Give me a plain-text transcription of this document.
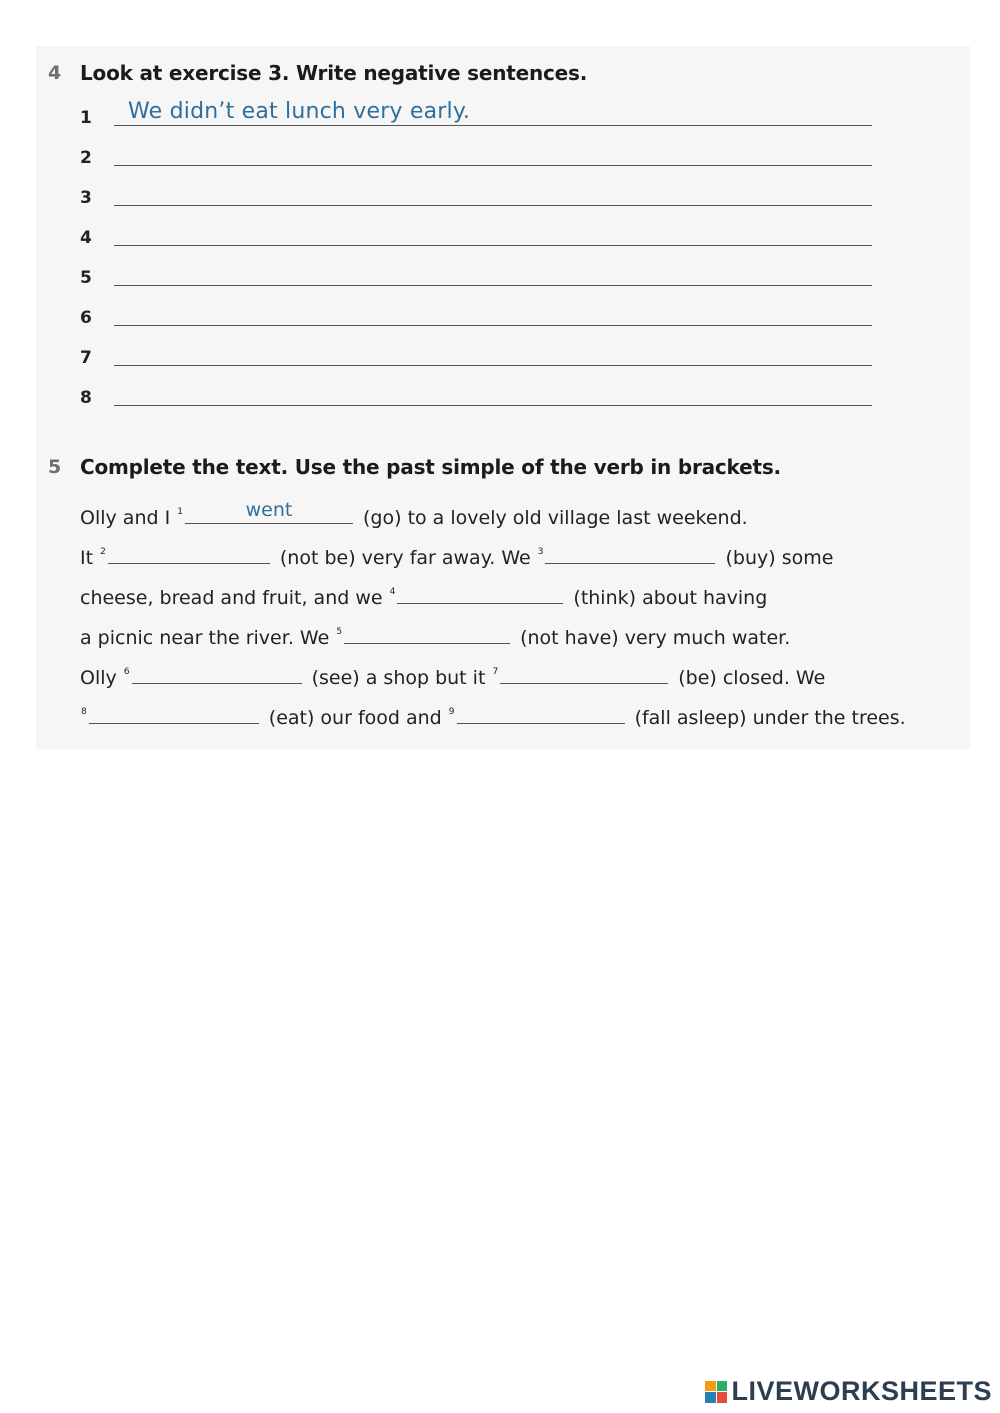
4 Look at exercise 3. Write negative sentences.
1 We didn’t eat lunch very early.
2
3
4
5
6
7
8
5 Complete the text. Use the past simple of the verb in brackets.
Olly and I $^1$	went	(go) to a lovely old village last weekend.
It $^2$	(not be) very far away. We $^3$	(buy) some
cheese, bread and fruit, and we $^4$	(think) about having
a picnic near the river. We $^5$	(not have) very much water.
Olly $^6$	(see) a shop but it $^7$	(be) closed. We
$^8$	(eat) our food and $^9$	(fall asleep) under the trees.
LIVEWORKSHEETS
